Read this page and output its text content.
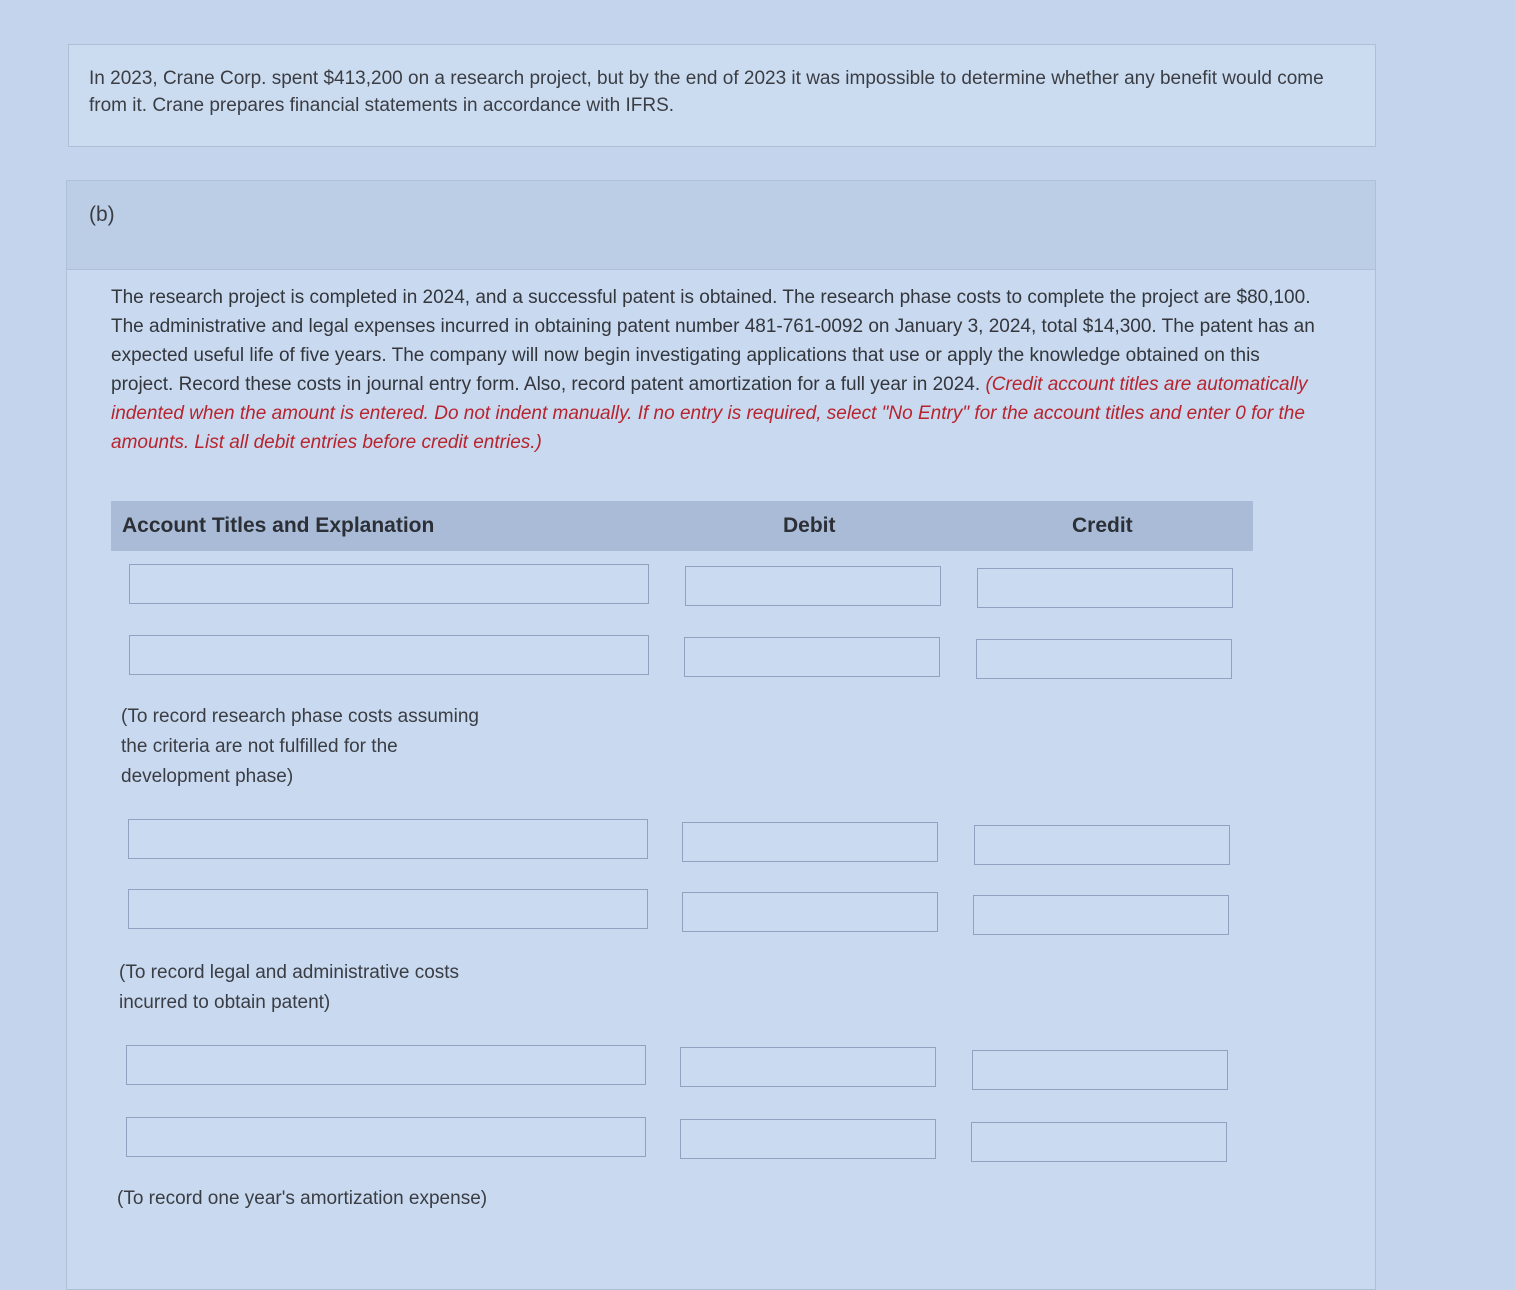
In 2023, Crane Corp. spent $413,200 on a research project, but by the end of 2023 it was impossible to determine whether any benefit would come from it. Crane prepares financial statements in accordance with IFRS.
(b)
The research project is completed in 2024, and a successful patent is obtained. The research phase costs to complete the project are $80,100. The administrative and legal expenses incurred in obtaining patent number 481-761-0092 on January 3, 2024, total $14,300. The patent has an expected useful life of five years. The company will now begin investigating applications that use or apply the knowledge obtained on this project. Record these costs in journal entry form. Also, record patent amortization for a full year in 2024. (Credit account titles are automatically indented when the amount is entered. Do not indent manually. If no entry is required, select "No Entry" for the account titles and enter 0 for the amounts. List all debit entries before credit entries.)
Account Titles and Explanation	Debit	Credit
(To record research phase costs assuming the criteria are not fulfilled for the development phase)
(To record legal and administrative costs incurred to obtain patent)
(To record one year's amortization expense)
